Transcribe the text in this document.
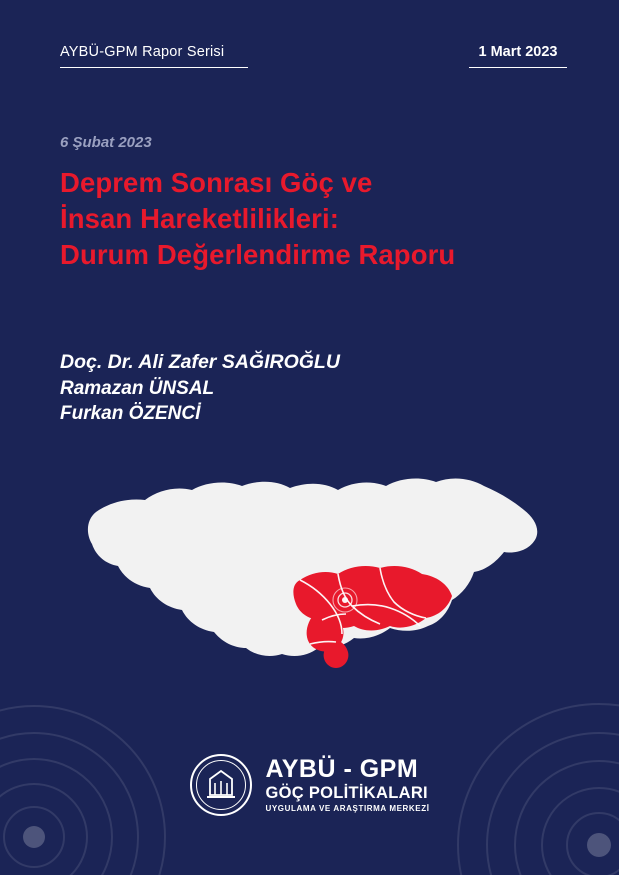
AYBÜ-GPM Rapor Serisi	1 Mart 2023
6 Şubat 2023
Deprem Sonrası Göç ve
İnsan Hareketlilikleri:
Durum Değerlendirme Raporu
Doç. Dr. Ali Zafer SAĞIROĞLU
Ramazan ÜNSAL
Furkan ÖZENCİ
AYBÜ - GPM
GÖÇ POLİTİKALARI
UYGULAMA VE ARAŞTIRMA MERKEZİ
